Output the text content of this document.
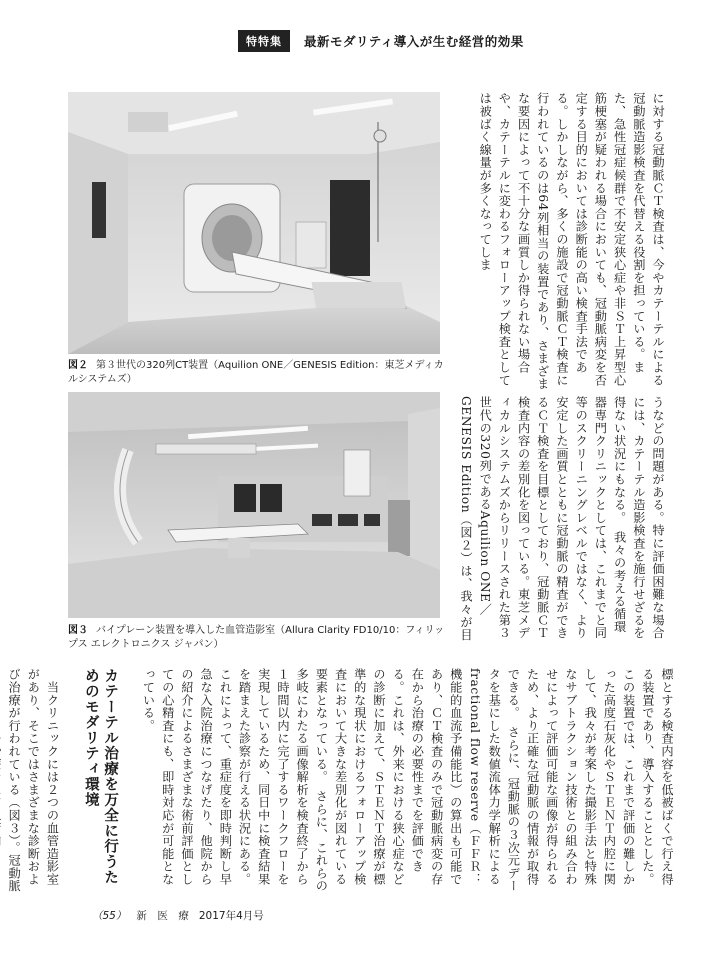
特特集	最新モダリティ導入が生む経営的効果
図２ 第３世代の320列CT装置（Aquilion ONE／GENESIS Edition：東芝メディカルシステムズ）
図３ バイプレーン装置を導入した血管造影室（Allura Clarity FD10/10：フィリップス エレクトロニクス ジャパン）
に対する冠動脈ＣＴ検査は、今やカテーテルによる冠動脈造影検査を代替える役割を担っている。また、急性冠症候群で不安定狭心症や非ＳＴ上昇型心筋梗塞が疑われる場合においても、冠動脈病変を否定する目的においては診断能の高い検査手法である。しかしながら、多くの施設で冠動脈ＣＴ検査に行われているのは64列相当の装置であり、さまざまな要因によって不十分な画質しか得られない場合や、カテーテルに変わるフォローアップ検査としては被ばく線量が多くなってしま
うなどの問題がある。特に評価困難な場合には、カテーテル造影検査を施行せざるを得ない状況にもなる。　我々の考える循環器専門クリニックとしては、これまでと同等のスクリーニングレベルではなく、より安定した画質とともに冠動脈の精査ができるＣＴ検査を目標としており、冠動脈ＣＴ検査内容の差別化を図っている。東芝メディカルシステムズからリリースされた第３世代の320列であるAquilion ONE／GENESIS Edition（図２）は、我々が目
標とする検査内容を低被ばくで行え得る装置であり、導入することとした。　この装置では、これまで評価の難しかった高度石灰化やＳＴＥＮＴ内腔に関して、我々が考案した撮影手法と特殊なサブトラクション技術との組み合わせによって評価可能な画像が得られるため、より正確な冠動脈の情報が取得できる。　さらに、冠動脈の３次元データを基にした数値流体力学解析によるfractional flow reserve（ＦＦＲ：機能的血流予備能比）の算出も可能であり、ＣＴ検査のみで冠動脈病変の存在から治療の必要性までを評価できる。これは、外来における狭心症などの診断に加えて、ＳＴＥＮＴ治療が標準的な現状におけるフォローアップ検査において大きな差別化が図れている要素となっている。　さらに、これらの多岐にわたる画像解析を検査終了から１時間以内に完了するワークフローを実現しているため、同日中に検査結果を踏まえた診察が行える状況にある。これによって、重症度を即時判断し早急な入院治療につなげたり、他院からの紹介によるさまざまな術前評価としての心精査にも、即時対応が可能となっている。

カテーテル治療を万全に行うためのモダリティ環境

　当クリニックには２つの血管造影室があり、そこではさまざまな診断および治療が行われている（図３）。冠動脈
（55） 新　医　療 2017年4月号
